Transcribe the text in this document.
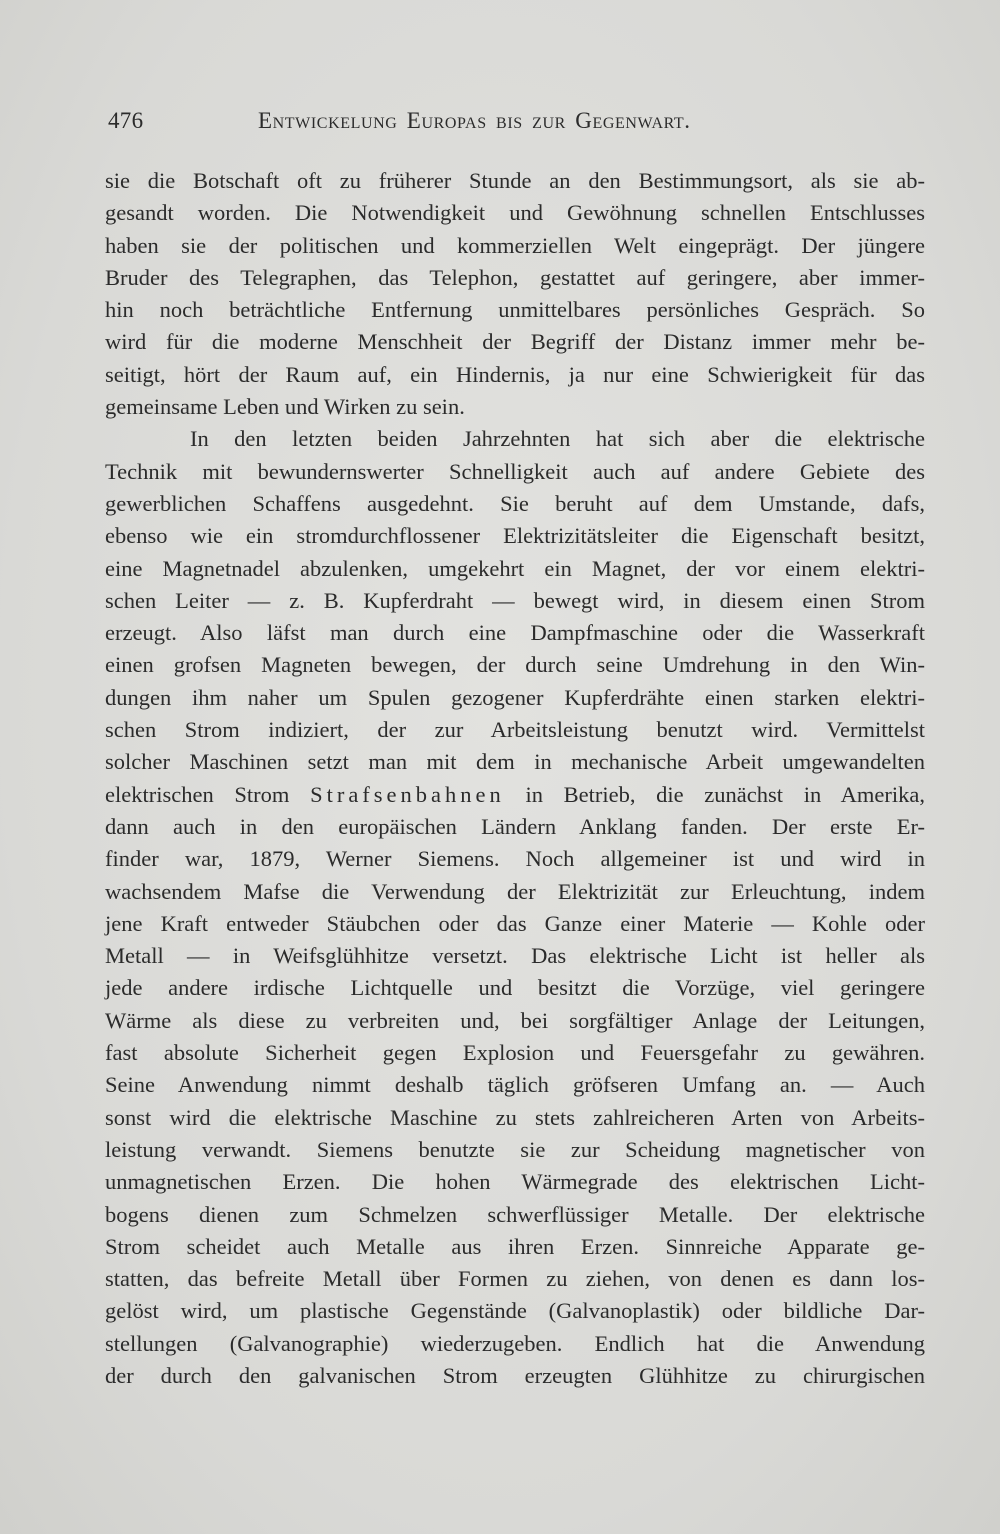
476	Entwickelung Europas bis zur Gegenwart.
sie die Botschaft oft zu früherer Stunde an den Bestimmungsort, als sie ab-
gesandt worden. Die Notwendigkeit und Gewöhnung schnellen Entschlusses
haben sie der politischen und kommerziellen Welt eingeprägt. Der jüngere
Bruder des Telegraphen, das Telephon, gestattet auf geringere, aber immer-
hin noch beträchtliche Entfernung unmittelbares persönliches Gespräch. So
wird für die moderne Menschheit der Begriff der Distanz immer mehr be-
seitigt, hört der Raum auf, ein Hindernis, ja nur eine Schwierigkeit für das
gemeinsame Leben und Wirken zu sein.
In den letzten beiden Jahrzehnten hat sich aber die elektrische
Technik mit bewundernswerter Schnelligkeit auch auf andere Gebiete des
gewerblichen Schaffens ausgedehnt. Sie beruht auf dem Umstande, dafs,
ebenso wie ein stromdurchflossener Elektrizitätsleiter die Eigenschaft besitzt,
eine Magnetnadel abzulenken, umgekehrt ein Magnet, der vor einem elektri-
schen Leiter — z. B. Kupferdraht — bewegt wird, in diesem einen Strom
erzeugt. Also läfst man durch eine Dampfmaschine oder die Wasserkraft
einen grofsen Magneten bewegen, der durch seine Umdrehung in den Win-
dungen ihm naher um Spulen gezogener Kupferdrähte einen starken elektri-
schen Strom indiziert, der zur Arbeitsleistung benutzt wird. Vermittelst
solcher Maschinen setzt man mit dem in mechanische Arbeit umgewandelten
elektrischen Strom Strafsenbahnen in Betrieb, die zunächst in Amerika,
dann auch in den europäischen Ländern Anklang fanden. Der erste Er-
finder war, 1879, Werner Siemens. Noch allgemeiner ist und wird in
wachsendem Mafse die Verwendung der Elektrizität zur Erleuchtung, indem
jene Kraft entweder Stäubchen oder das Ganze einer Materie — Kohle oder
Metall — in Weifsglühhitze versetzt. Das elektrische Licht ist heller als
jede andere irdische Lichtquelle und besitzt die Vorzüge, viel geringere
Wärme als diese zu verbreiten und, bei sorgfältiger Anlage der Leitungen,
fast absolute Sicherheit gegen Explosion und Feuersgefahr zu gewähren.
Seine Anwendung nimmt deshalb täglich gröfseren Umfang an. — Auch
sonst wird die elektrische Maschine zu stets zahlreicheren Arten von Arbeits-
leistung verwandt. Siemens benutzte sie zur Scheidung magnetischer von
unmagnetischen Erzen. Die hohen Wärmegrade des elektrischen Licht-
bogens dienen zum Schmelzen schwerflüssiger Metalle. Der elektrische
Strom scheidet auch Metalle aus ihren Erzen. Sinnreiche Apparate ge-
statten, das befreite Metall über Formen zu ziehen, von denen es dann los-
gelöst wird, um plastische Gegenstände (Galvanoplastik) oder bildliche Dar-
stellungen (Galvanographie) wiederzugeben. Endlich hat die Anwendung
der durch den galvanischen Strom erzeugten Glühhitze zu chirurgischen
